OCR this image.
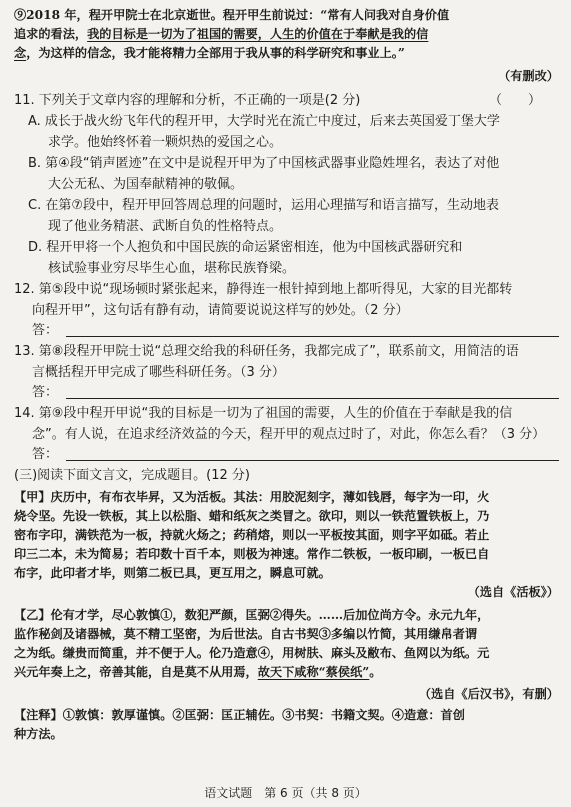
⑨2018 年，程开甲院士在北京逝世。程开甲生前说过：“常有人问我对自身价值

追求的看法，我的目标是一切为了祖国的需要，人生的价值在于奉献是我的信

念，为这样的信念，我才能将精力全部用于我从事的科学研究和事业上。”

（有删改）

11. 下列关于文章内容的理解和分析，不正确的一项是(2 分)	（　　）

A. 成长于战火纷飞年代的程开甲，大学时光在流亡中度过，后来去英国爱丁堡大学

求学。他始终怀着一颗炽热的爱国之心。

B. 第④段“销声匿迹”在文中是说程开甲为了中国核武器事业隐姓埋名，表达了对他

大公无私、为国奉献精神的敬佩。

C. 在第⑦段中，程开甲回答周总理的问题时，运用心理描写和语言描写，生动地表

现了他业务精湛、武断自负的性格特点。

D. 程开甲将一个人抱负和中国民族的命运紧密相连，他为中国核武器研究和

核试验事业穷尽毕生心血，堪称民族脊梁。

12. 第⑤段中说“现场顿时紧张起来，静得连一根针掉到地上都听得见，大家的目光都转

向程开甲”，这句话有静有动，请简要说说这样写的妙处。（2 分）

答：

13. 第⑧段程开甲院士说“总理交给我的科研任务，我都完成了”，联系前文，用简洁的语

言概括程开甲完成了哪些科研任务。（3 分）

答：

14. 第⑨段中程开甲说“我的目标是一切为了祖国的需要，人生的价值在于奉献是我的信

念”。有人说，在追求经济效益的今天，程开甲的观点过时了，对此，你怎么看？（3 分）

答：

(三)阅读下面文言文，完成题目。(12 分)

【甲】庆历中，有布衣毕昇，又为活板。其法：用胶泥刻字，薄如钱唇，每字为一印，火

烧令坚。先设一铁板，其上以松脂、蜡和纸灰之类冒之。欲印，则以一铁范置铁板上，乃

密布字印，满铁范为一板，持就火炀之；药稍熔，则以一平板按其面，则字平如砥。若止

印三二本，未为简易；若印数十百千本，则极为神速。常作二铁板，一板印刷，一板已自

布字，此印者才毕，则第二板已具，更互用之，瞬息可就。

（选自《活板》）

【乙】伦有才学，尽心敦慎①，数犯严颜，匡弼②得失。……后加位尚方令。永元九年，

监作秘剑及诸器械，莫不精工坚密，为后世法。自古书契③多编以竹简，其用缣帛者谓

之为纸。缣贵而简重，并不便于人。伦乃造意④，用树肤、麻头及敝布、鱼网以为纸。元

兴元年奏上之，帝善其能，自是莫不从用焉，故天下咸称“蔡侯纸”。

（选自《后汉书》，有删）

【注释】①敦慎：敦厚谨慎。②匡弼：匡正辅佐。③书契：书籍文契。④造意：首创

种方法。

语文试题　第 6 页（共 8 页）
